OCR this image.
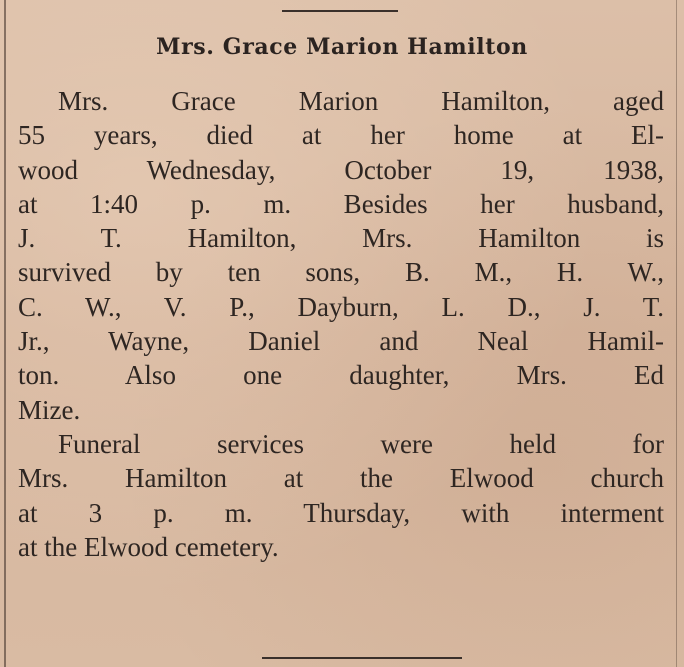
Mrs. Grace Marion Hamilton
Mrs. Grace Marion Hamilton, aged
55 years, died at her home at El-
wood Wednesday, October 19, 1938,
at 1:40 p. m. Besides her husband,
J. T. Hamilton, Mrs. Hamilton is
survived by ten sons, B. M., H. W.,
C. W., V. P., Dayburn, L. D., J. T.
Jr., Wayne, Daniel and Neal Hamil-
ton. Also one daughter, Mrs. Ed
Mize.
Funeral services were held for
Mrs. Hamilton at the Elwood church
at 3 p. m. Thursday, with interment
at the Elwood cemetery.
